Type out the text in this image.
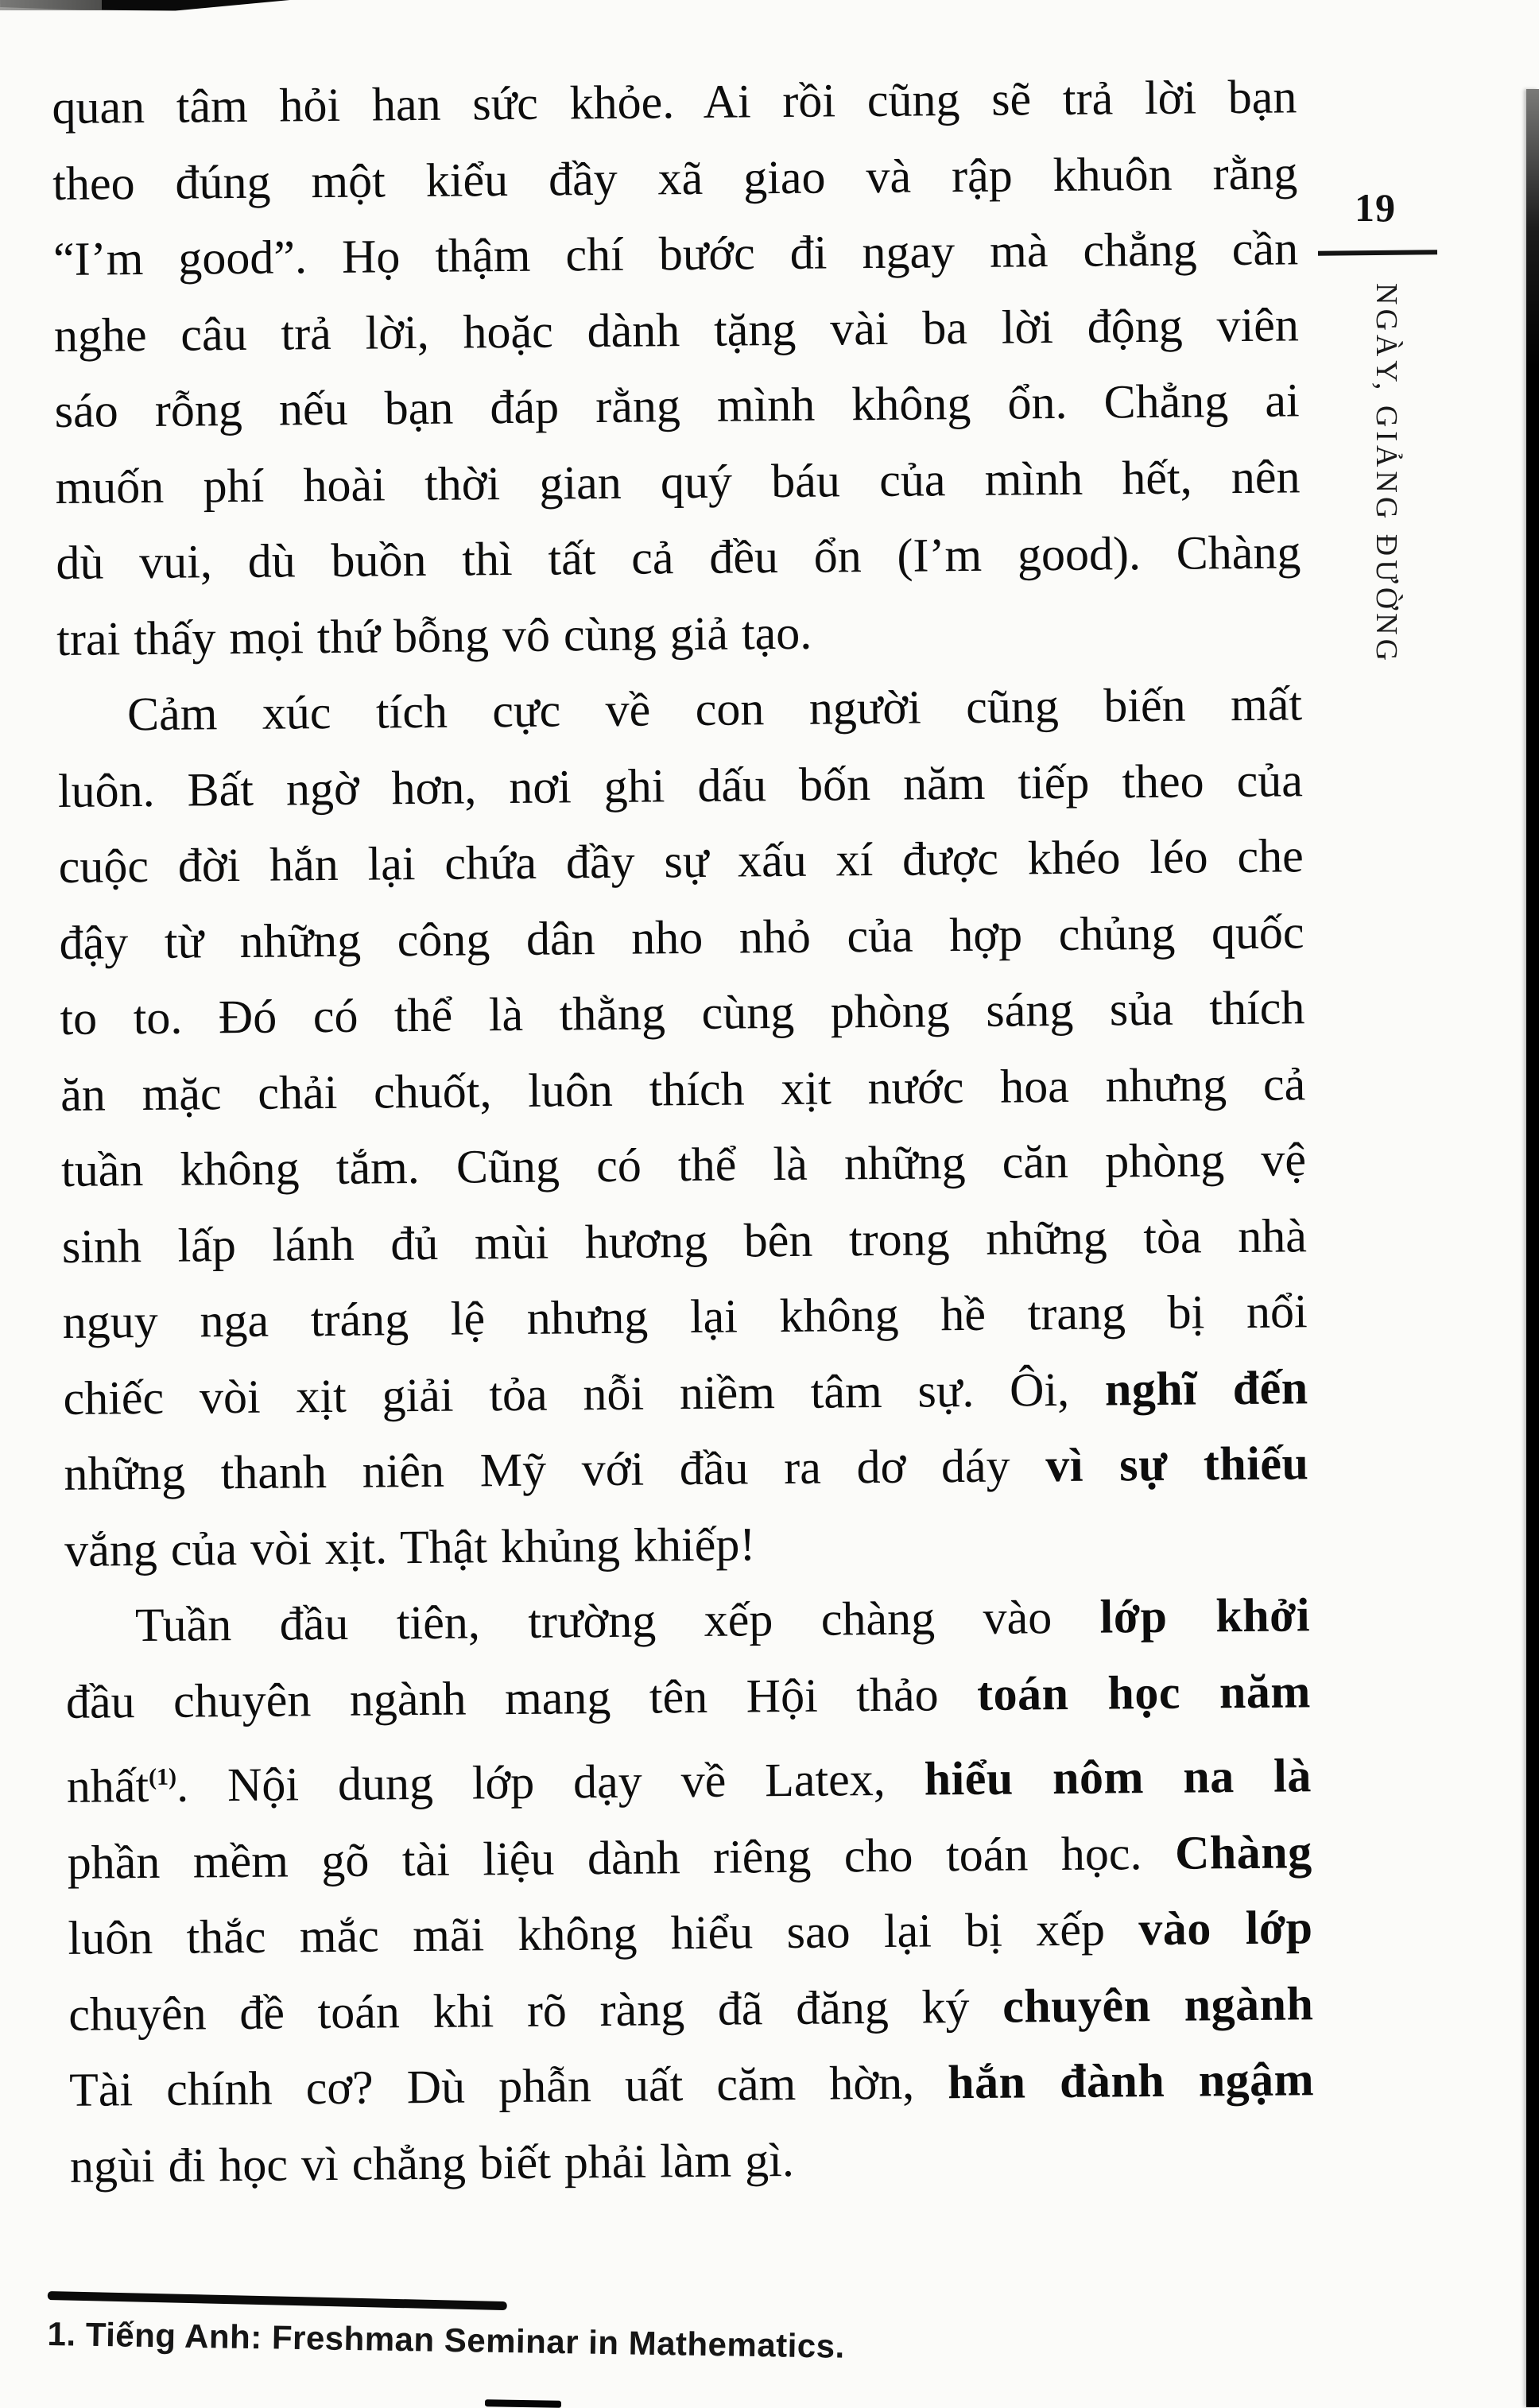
19
NGÀY, GIẢNG ĐƯỜNG
quan tâm hỏi han sức khỏe. Ai rồi cũng sẽ trả lời bạn
theo đúng một kiểu đầy xã giao và rập khuôn rằng
“I’m good”. Họ thậm chí bước đi ngay mà chẳng cần
nghe câu trả lời, hoặc dành tặng vài ba lời động viên
sáo rỗng nếu bạn đáp rằng mình không ổn. Chẳng ai
muốn phí hoài thời gian quý báu của mình hết, nên
dù vui, dù buồn thì tất cả đều ổn (I’m good). Chàng
trai thấy mọi thứ bỗng vô cùng giả tạo.
Cảm xúc tích cực về con người cũng biến mất
luôn. Bất ngờ hơn, nơi ghi dấu bốn năm tiếp theo của
cuộc đời hắn lại chứa đầy sự xấu xí được khéo léo che
đậy từ những công dân nho nhỏ của hợp chủng quốc
to to. Đó có thể là thằng cùng phòng sáng sủa thích
ăn mặc chải chuốt, luôn thích xịt nước hoa nhưng cả
tuần không tắm. Cũng có thể là những căn phòng vệ
sinh lấp lánh đủ mùi hương bên trong những tòa nhà
nguy nga tráng lệ nhưng lại không hề trang bị nổi
chiếc vòi xịt giải tỏa nỗi niềm tâm sự. Ôi, nghĩ đến
những thanh niên Mỹ với đầu ra dơ dáy vì sự thiếu
vắng của vòi xịt. Thật khủng khiếp!
Tuần đầu tiên, trường xếp chàng vào lớp khởi
đầu chuyên ngành mang tên Hội thảo toán học năm
nhất$^{(1)}$. Nội dung lớp dạy về Latex, hiểu nôm na là
phần mềm gõ tài liệu dành riêng cho toán học. Chàng
luôn thắc mắc mãi không hiểu sao lại bị xếp vào lớp
chuyên đề toán khi rõ ràng đã đăng ký chuyên ngành
Tài chính cơ? Dù phẫn uất căm hờn, hắn đành ngậm
ngùi đi học vì chẳng biết phải làm gì.
1. Tiếng Anh: Freshman Seminar in Mathematics.
